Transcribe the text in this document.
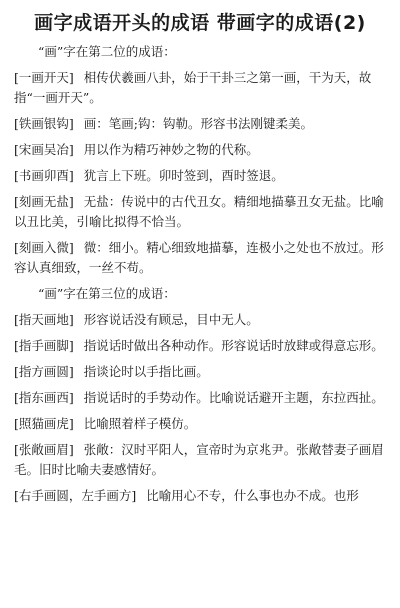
画字成语开头的成语 带画字的成语(2)

“画”字在第二位的成语：

[一画开天] 相传伏羲画八卦，始于干卦三之第一画，干为天，故指“一画开天”。

[铁画银钩] 画：笔画;钩：钩勒。形容书法刚键柔美。

[宋画吴冶] 用以作为精巧神妙之物的代称。

[书画卯酉] 犹言上下班。卯时签到，酉时签退。

[刻画无盐] 无盐：传说中的古代丑女。精细地描摹丑女无盐。比喻以丑比美，引喻比拟得不恰当。

[刻画入微] 微：细小。精心细致地描摹，连极小之处也不放过。形容认真细致，一丝不苟。

“画”字在第三位的成语：

[指天画地] 形容说话没有顾忌，目中无人。

[指手画脚] 指说话时做出各种动作。形容说话时放肆或得意忘形。

[指方画圆] 指谈论时以手指比画。

[指东画西] 指说话时的手势动作。比喻说话避开主题，东拉西扯。

[照猫画虎] 比喻照着样子模仿。

[张敞画眉] 张敞：汉时平阳人，宣帝时为京兆尹。张敞替妻子画眉毛。旧时比喻夫妻感情好。

[右手画圆，左手画方] 比喻用心不专，什么事也办不成。也形
